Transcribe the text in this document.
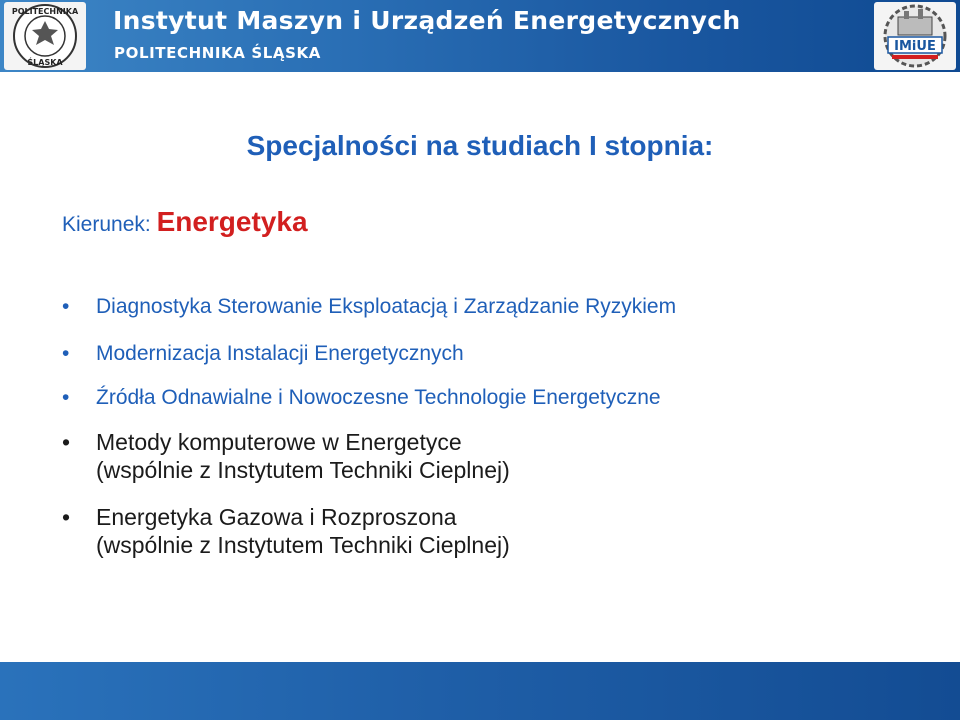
POLITECHNIKA
ŚLĄSKA
Instytut Maszyn i Urządzeń Energetycznych
POLITECHNIKA ŚLĄSKA	IMiUE
Specjalności na studiach I stopnia:
Kierunek: Energetyka
•	Diagnostyka Sterowanie Eksploatacją i Zarządzanie Ryzykiem
•	Modernizacja Instalacji Energetycznych
•	Źródła Odnawialne i Nowoczesne Technologie Energetyczne
•	Metody komputerowe w Energetyce
(wspólnie z Instytutem Techniki Cieplnej)
•	Energetyka Gazowa i Rozproszona
(wspólnie z Instytutem Techniki Cieplnej)
